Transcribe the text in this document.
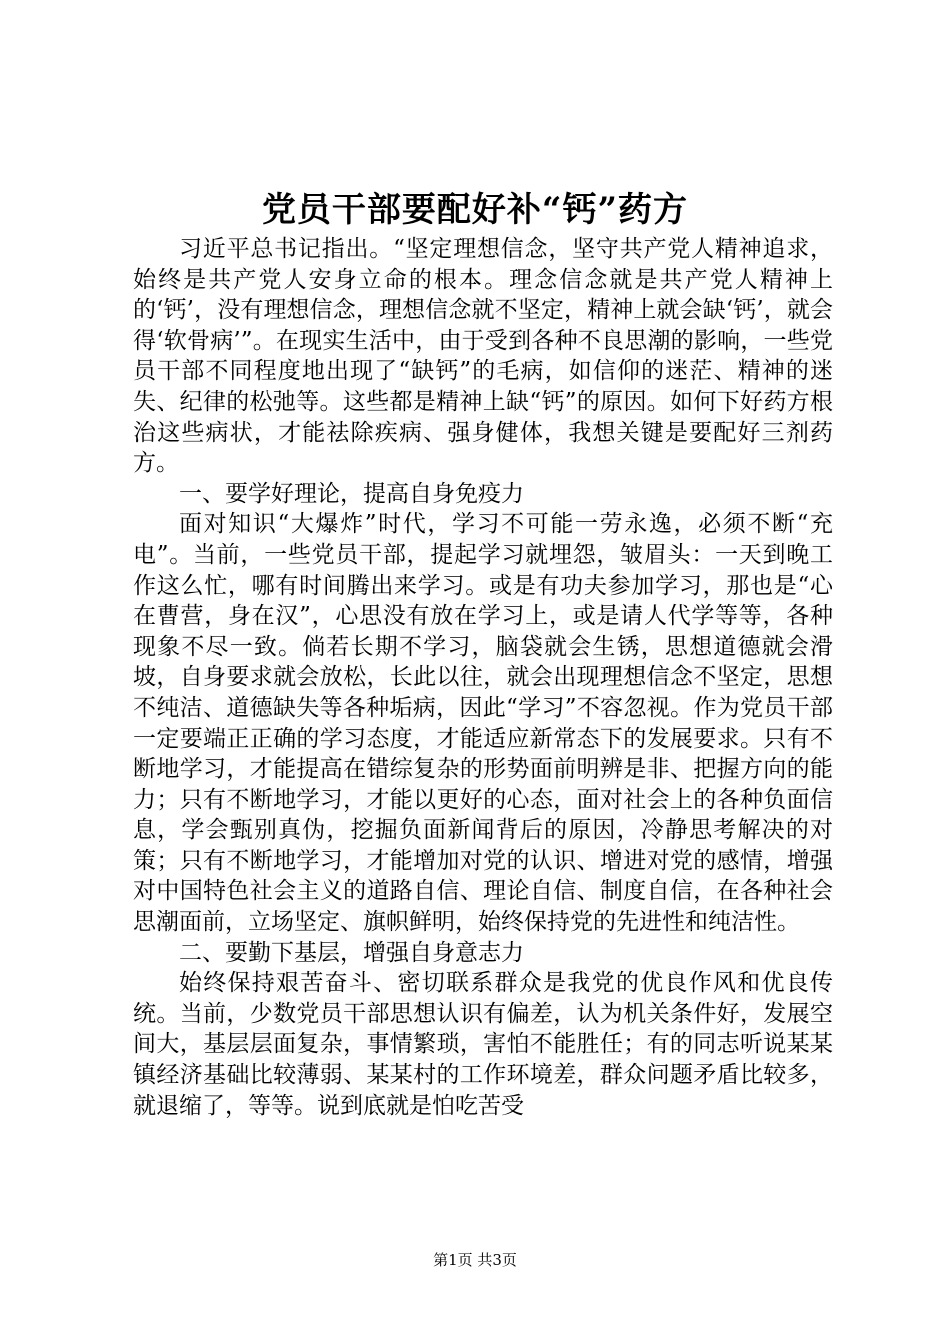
党员干部要配好补“钙”药方

习近平总书记指出。“坚定理想信念，坚守共产党人精神追求，始终是共产党人安身立命的根本。理念信念就是共产党人精神上的‘钙’，没有理想信念，理想信念就不坚定，精神上就会缺‘钙’，就会得‘软骨病’”。在现实生活中，由于受到各种不良思潮的影响，一些党员干部不同程度地出现了“缺钙”的毛病，如信仰的迷茫、精神的迷失、纪律的松弛等。这些都是精神上缺“钙”的原因。如何下好药方根治这些病状，才能祛除疾病、强身健体，我想关键是要配好三剂药方。

一、要学好理论，提高自身免疫力

面对知识“大爆炸”时代，学习不可能一劳永逸，必须不断“充电”。当前，一些党员干部，提起学习就埋怨，皱眉头：一天到晚工作这么忙，哪有时间腾出来学习。或是有功夫参加学习，那也是“心在曹营，身在汉”，心思没有放在学习上，或是请人代学等等，各种现象不尽一致。倘若长期不学习，脑袋就会生锈，思想道德就会滑坡，自身要求就会放松，长此以往，就会出现理想信念不坚定，思想不纯洁、道德缺失等各种垢病，因此“学习”不容忽视。作为党员干部一定要端正正确的学习态度，才能适应新常态下的发展要求。只有不断地学习，才能提高在错综复杂的形势面前明辨是非、把握方向的能力；只有不断地学习，才能以更好的心态，面对社会上的各种负面信息，学会甄别真伪，挖掘负面新闻背后的原因，冷静思考解决的对策；只有不断地学习，才能增加对党的认识、增进对党的感情，增强对中国特色社会主义的道路自信、理论自信、制度自信，在各种社会思潮面前，立场坚定、旗帜鲜明，始终保持党的先进性和纯洁性。

二、要勤下基层，增强自身意志力

始终保持艰苦奋斗、密切联系群众是我党的优良作风和优良传统。当前，少数党员干部思想认识有偏差，认为机关条件好，发展空间大，基层层面复杂，事情繁琐，害怕不能胜任；有的同志听说某某镇经济基础比较薄弱、某某村的工作环境差，群众问题矛盾比较多，就退缩了，等等。说到底就是怕吃苦受

第1页 共3页
